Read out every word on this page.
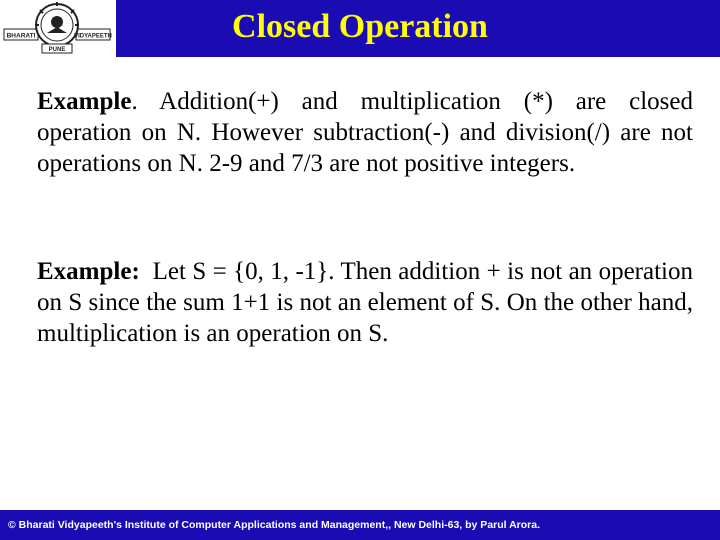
BHARATI	VIDYAPEETH
PUNE
Closed Operation

Example. Addition(+) and multiplication (*) are closed operation on N. However subtraction(-) and division(/) are not operations on N. 2-9 and 7/3 are not positive integers.

Example:  Let S = {0, 1, -1}. Then addition + is not an operation on S since the sum 1+1 is not an element of S. On the other hand, multiplication is an operation on S.

© Bharati Vidyapeeth's Institute of Computer Applications and Management,, New Delhi-63, by Parul Arora.
